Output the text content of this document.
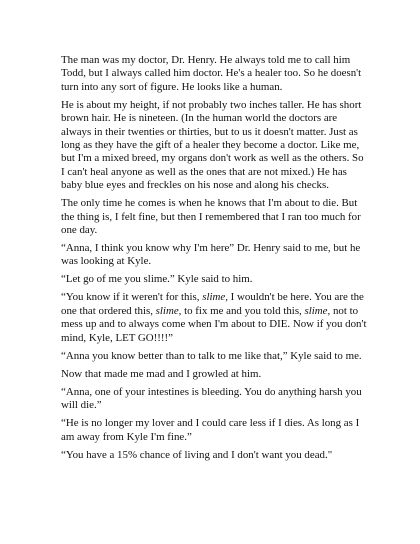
The man was my doctor, Dr. Henry. He always told me to call him Todd, but I always called him doctor. He's a healer too. So he doesn't turn into any sort of figure. He looks like a human.

He is about my height, if not probably two inches taller. He has short brown hair. He is nineteen. (In the human world the doctors are always in their twenties or thirties, but to us it doesn't matter. Just as long as they have the gift of a healer they become a doctor. Like me, but I'm a mixed breed, my organs don't work as well as the others. So I can't heal anyone as well as the ones that are not mixed.) He has baby blue eyes and freckles on his nose and along his checks.

The only time he comes is when he knows that I'm about to die. But the thing is, I felt fine, but then I remembered that I ran too much for one day.

“Anna, I think you know why I'm here” Dr. Henry said to me, but he was looking at Kyle.

“Let go of me you slime.” Kyle said to him.

“You know if it weren't for this, slime, I wouldn't be here. You are the one that ordered this, slime, to fix me and you told this, slime, not to mess up and to always come when I'm about to DIE. Now if you don't mind, Kyle, LET GO!!!!”

“Anna you know better than to talk to me like that,” Kyle said to me.

Now that made me mad and I growled at him.

“Anna, one of your intestines is bleeding. You do anything harsh you will die.”

“He is no longer my lover and I could care less if I dies. As long as I am away from Kyle I'm fine.”

“You have a 15% chance of living and I don't want you dead."
